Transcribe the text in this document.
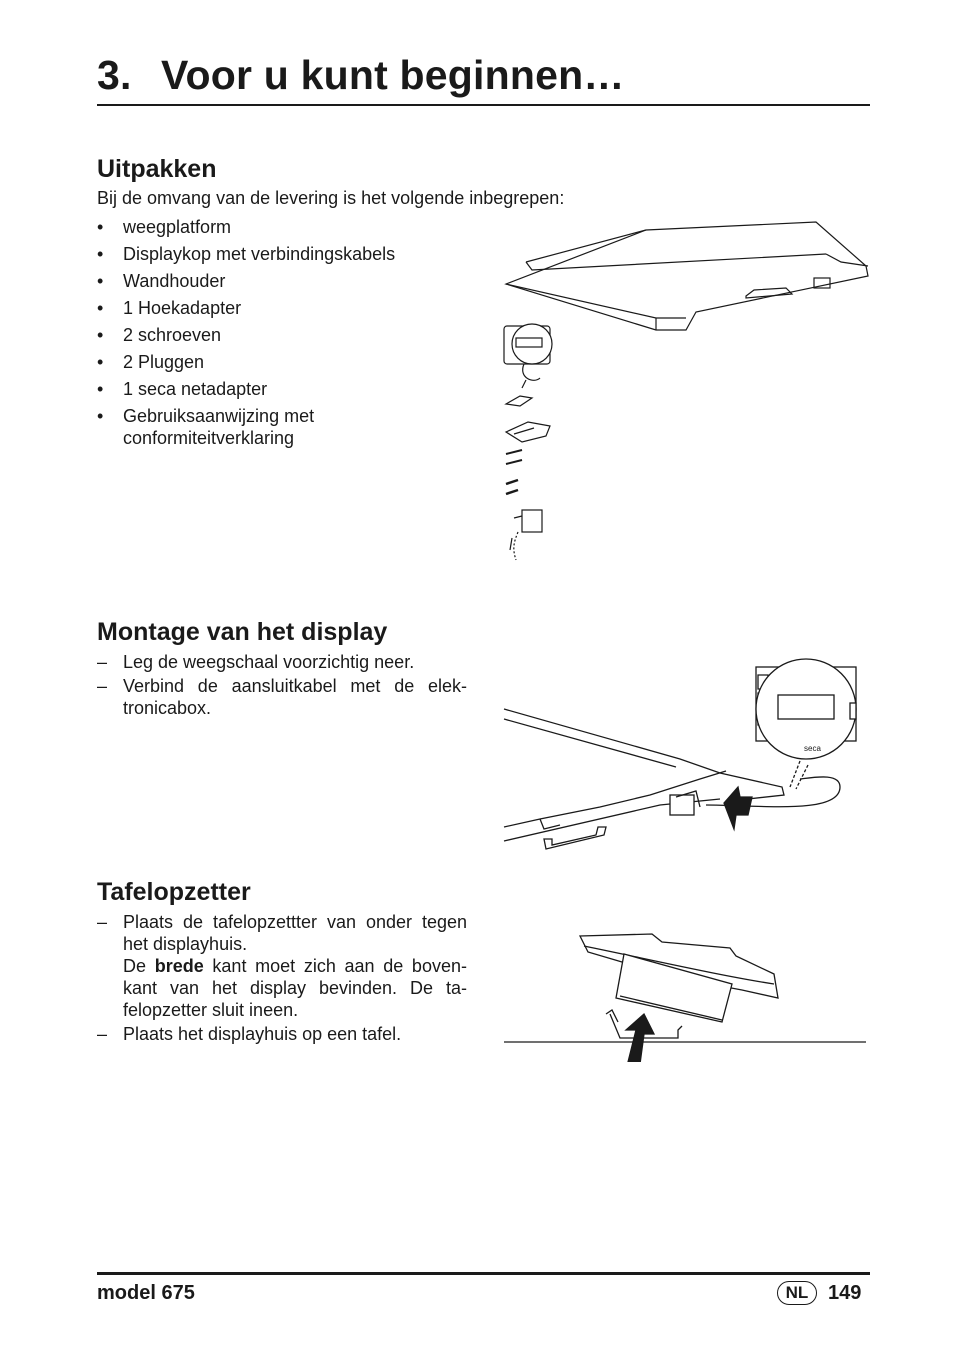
3. Voor u kunt beginnen…
Uitpakken

Bij de omvang van de levering is het volgende inbegrepen:

• weegplatform
• Displaykop met verbindingskabels
• Wandhouder
• 1 Hoekadapter
• 2 schroeven
• 2 Pluggen
• 1 seca netadapter
• Gebruiksaanwijzing met conformiteitverklaring
Montage van het display
– Leg de weegschaal voorzichtig neer.
– Verbind de aansluitkabel met de elek-tronicabox.
seca
Tafelopzetter
– Plaats de tafelopzettter van onder tegen het displayhuis.
De brede kant moet zich aan de boven-kant van het display bevinden. De ta-felopzetter sluit ineen.
– Plaats het displayhuis op een tafel.
model 675	NL 149
